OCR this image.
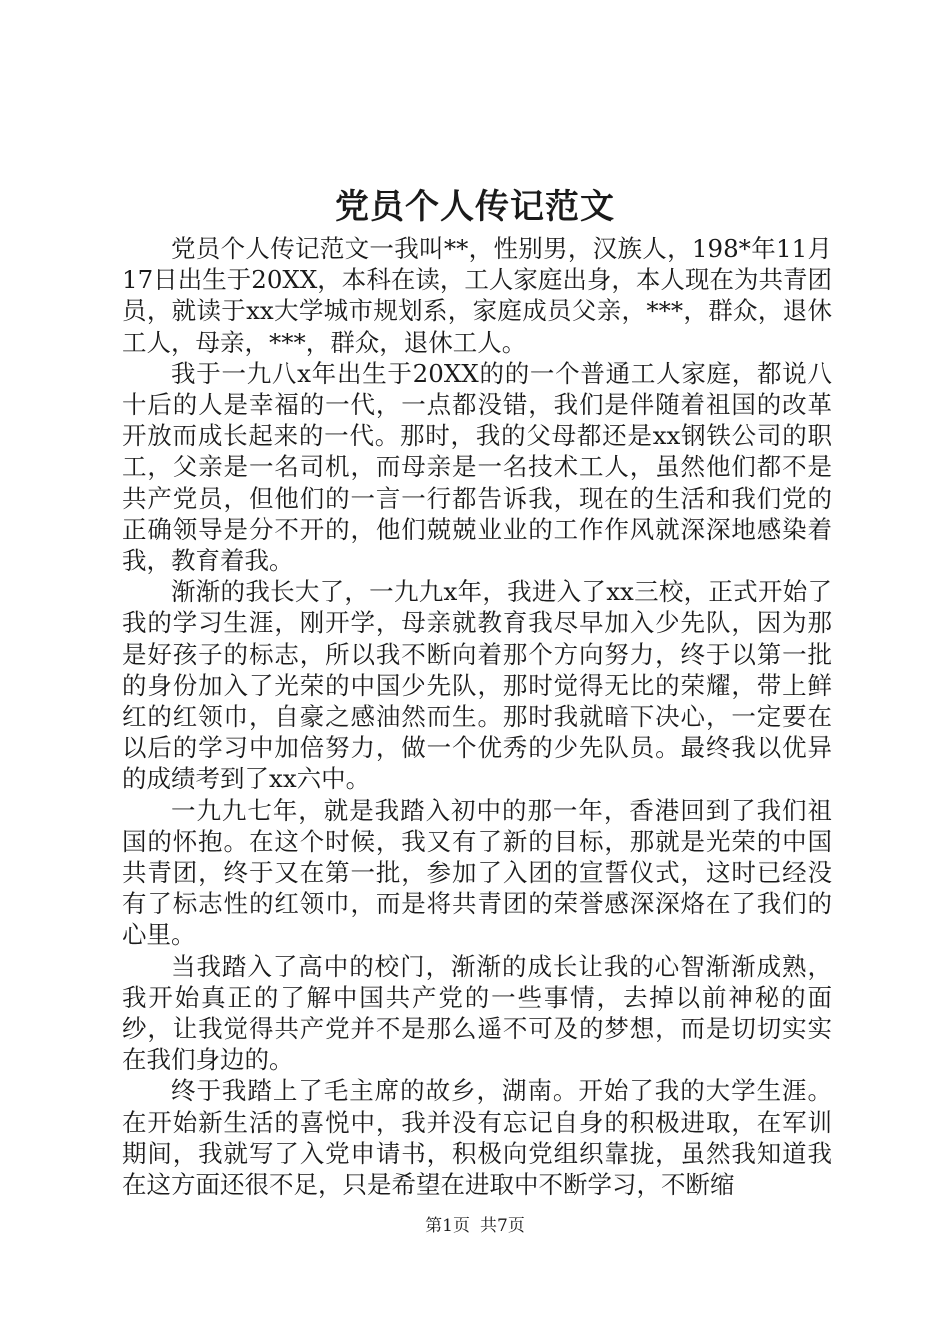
党员个人传记范文

党员个人传记范文一我叫**，性别男，汉族人，198*年11月17日出生于20XX，本科在读，工人家庭出身，本人现在为共青团员，就读于xx大学城市规划系，家庭成员父亲，***，群众，退休工人，母亲，***，群众，退休工人。

我于一九八x年出生于20XX的的一个普通工人家庭，都说八十后的人是幸福的一代，一点都没错，我们是伴随着祖国的改革开放而成长起来的一代。那时，我的父母都还是xx钢铁公司的职工，父亲是一名司机，而母亲是一名技术工人，虽然他们都不是共产党员，但他们的一言一行都告诉我，现在的生活和我们党的正确领导是分不开的，他们兢兢业业的工作作风就深深地感染着我，教育着我。

渐渐的我长大了，一九九x年，我进入了xx三校，正式开始了我的学习生涯，刚开学，母亲就教育我尽早加入少先队，因为那是好孩子的标志，所以我不断向着那个方向努力，终于以第一批的身份加入了光荣的中国少先队，那时觉得无比的荣耀，带上鲜红的红领巾，自豪之感油然而生。那时我就暗下决心，一定要在以后的学习中加倍努力，做一个优秀的少先队员。最终我以优异的成绩考到了xx六中。

一九九七年，就是我踏入初中的那一年，香港回到了我们祖国的怀抱。在这个时候，我又有了新的目标，那就是光荣的中国共青团，终于又在第一批，参加了入团的宣誓仪式，这时已经没有了标志性的红领巾，而是将共青团的荣誉感深深烙在了我们的心里。

当我踏入了高中的校门，渐渐的成长让我的心智渐渐成熟，我开始真正的了解中国共产党的一些事情，去掉以前神秘的面纱，让我觉得共产党并不是那么遥不可及的梦想，而是切切实实在我们身边的。

终于我踏上了毛主席的故乡，湖南。开始了我的大学生涯。在开始新生活的喜悦中，我并没有忘记自身的积极进取，在军训期间，我就写了入党申请书，积极向党组织靠拢，虽然我知道我在这方面还很不足，只是希望在进取中不断学习，不断缩

第1页 共7页
